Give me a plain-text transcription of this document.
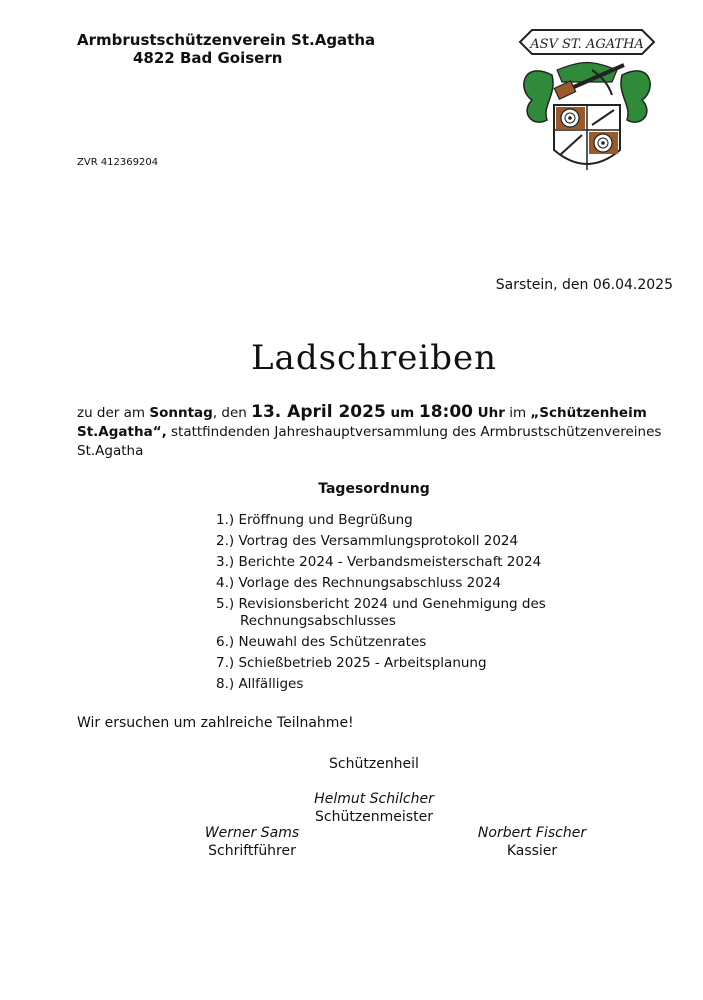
Armbrustschützenverein St.Agatha
4822 Bad Goisern
ZVR 412369204
ASV ST. AGATHA
Sarstein, den 06.04.2025
Ladschreiben
zu der am Sonntag, den 13. April 2025 um 18:00 Uhr im „Schützenheim St.Agatha“, stattfindenden Jahreshauptversammlung des Armbrustschützenvereines St.Agatha
Tagesordnung
1.) Eröffnung und Begrüßung
2.) Vortrag des Versammlungsprotokoll 2024
3.) Berichte 2024 - Verbandsmeisterschaft 2024
4.) Vorlage des Rechnungsabschluss 2024
5.) Revisionsbericht 2024 und Genehmigung des
Rechnungsabschlusses
6.) Neuwahl des Schützenrates
7.) Schießbetrieb 2025 - Arbeitsplanung
8.) Allfälliges
Wir ersuchen um zahlreiche Teilnahme!
Schützenheil
Helmut Schilcher
Schützenmeister
Werner Sams
Schriftführer
Norbert Fischer
Kassier
